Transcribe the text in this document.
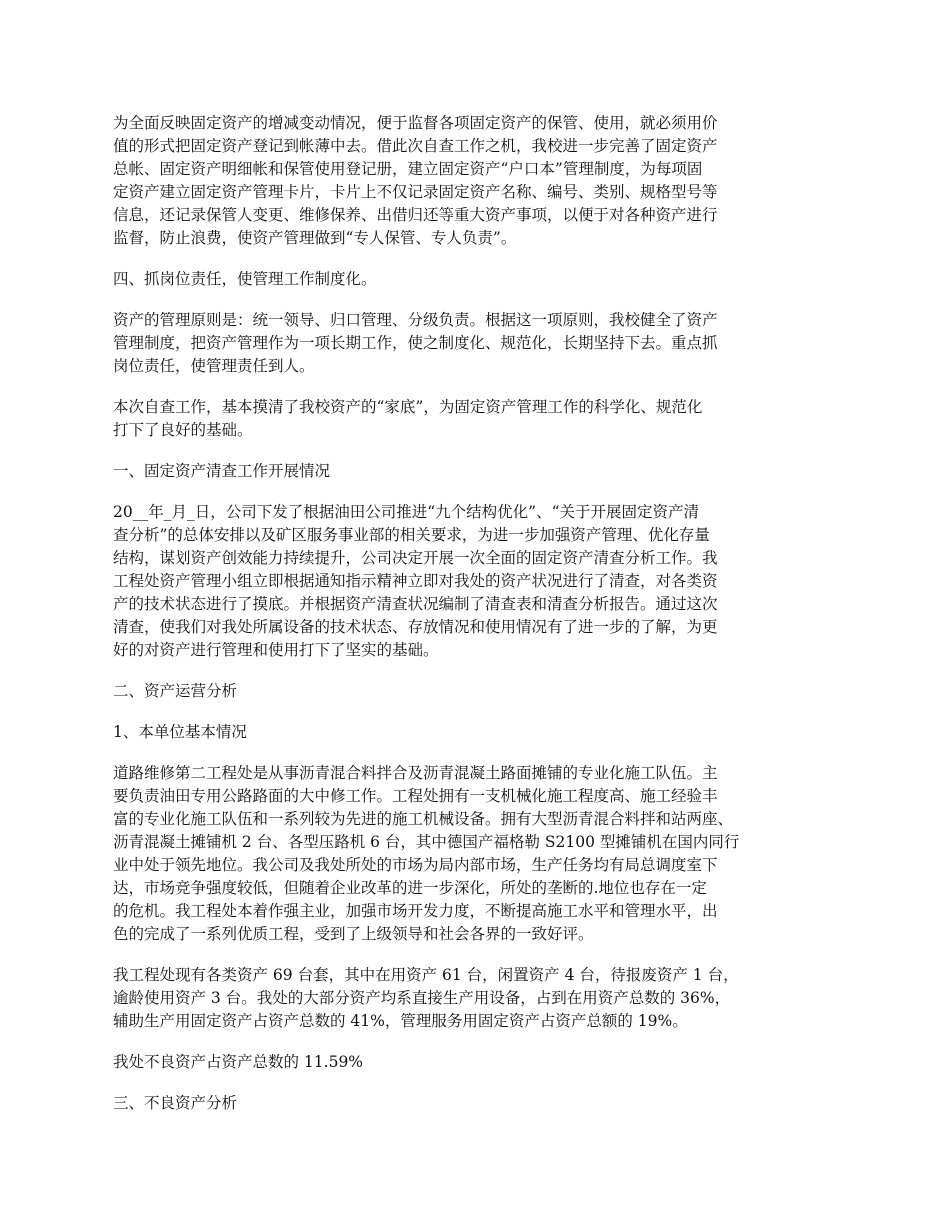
为全面反映固定资产的增减变动情况，便于监督各项固定资产的保管、使用，就必须用价
值的形式把固定资产登记到帐薄中去。借此次自查工作之机，我校进一步完善了固定资产
总帐、固定资产明细帐和保管使用登记册，建立固定资产“户口本”管理制度，为每项固
定资产建立固定资产管理卡片，卡片上不仅记录固定资产名称、编号、类别、规格型号等
信息，还记录保管人变更、维修保养、出借归还等重大资产事项，以便于对各种资产进行
监督，防止浪费，使资产管理做到“专人保管、专人负责”。
四、抓岗位责任，使管理工作制度化。
资产的管理原则是：统一领导、归口管理、分级负责。根据这一项原则，我校健全了资产
管理制度，把资产管理作为一项长期工作，使之制度化、规范化，长期坚持下去。重点抓
岗位责任，使管理责任到人。
本次自查工作，基本摸清了我校资产的“家底”，为固定资产管理工作的科学化、规范化
打下了良好的基础。
一、固定资产清查工作开展情况
20__年_月_日，公司下发了根据油田公司推进“九个结构优化”、“关于开展固定资产清
查分析”的总体安排以及矿区服务事业部的相关要求，为进一步加强资产管理、优化存量
结构，谋划资产创效能力持续提升，公司决定开展一次全面的固定资产清查分析工作。我
工程处资产管理小组立即根据通知指示精神立即对我处的资产状况进行了清查，对各类资
产的技术状态进行了摸底。并根据资产清查状况编制了清查表和清查分析报告。通过这次
清查，使我们对我处所属设备的技术状态、存放情况和使用情况有了进一步的了解，为更
好的对资产进行管理和使用打下了坚实的基础。
二、资产运营分析
1、本单位基本情况
道路维修第二工程处是从事沥青混合料拌合及沥青混凝土路面摊铺的专业化施工队伍。主
要负责油田专用公路路面的大中修工作。工程处拥有一支机械化施工程度高、施工经验丰
富的专业化施工队伍和一系列较为先进的施工机械设备。拥有大型沥青混合料拌和站两座、
沥青混凝土摊铺机 2 台、各型压路机 6 台，其中德国产福格勒 S2100 型摊铺机在国内同行
业中处于领先地位。我公司及我处所处的市场为局内部市场，生产任务均有局总调度室下
达，市场竞争强度较低，但随着企业改革的进一步深化，所处的垄断的.地位也存在一定
的危机。我工程处本着作强主业，加强市场开发力度，不断提高施工水平和管理水平，出
色的完成了一系列优质工程，受到了上级领导和社会各界的一致好评。
我工程处现有各类资产 69 台套，其中在用资产 61 台，闲置资产 4 台，待报废资产 1 台，
逾龄使用资产 3 台。我处的大部分资产均系直接生产用设备，占到在用资产总数的 36%，
辅助生产用固定资产占资产总数的 41%，管理服务用固定资产占资产总额的 19%。
我处不良资产占资产总数的 11.59%
三、不良资产分析
